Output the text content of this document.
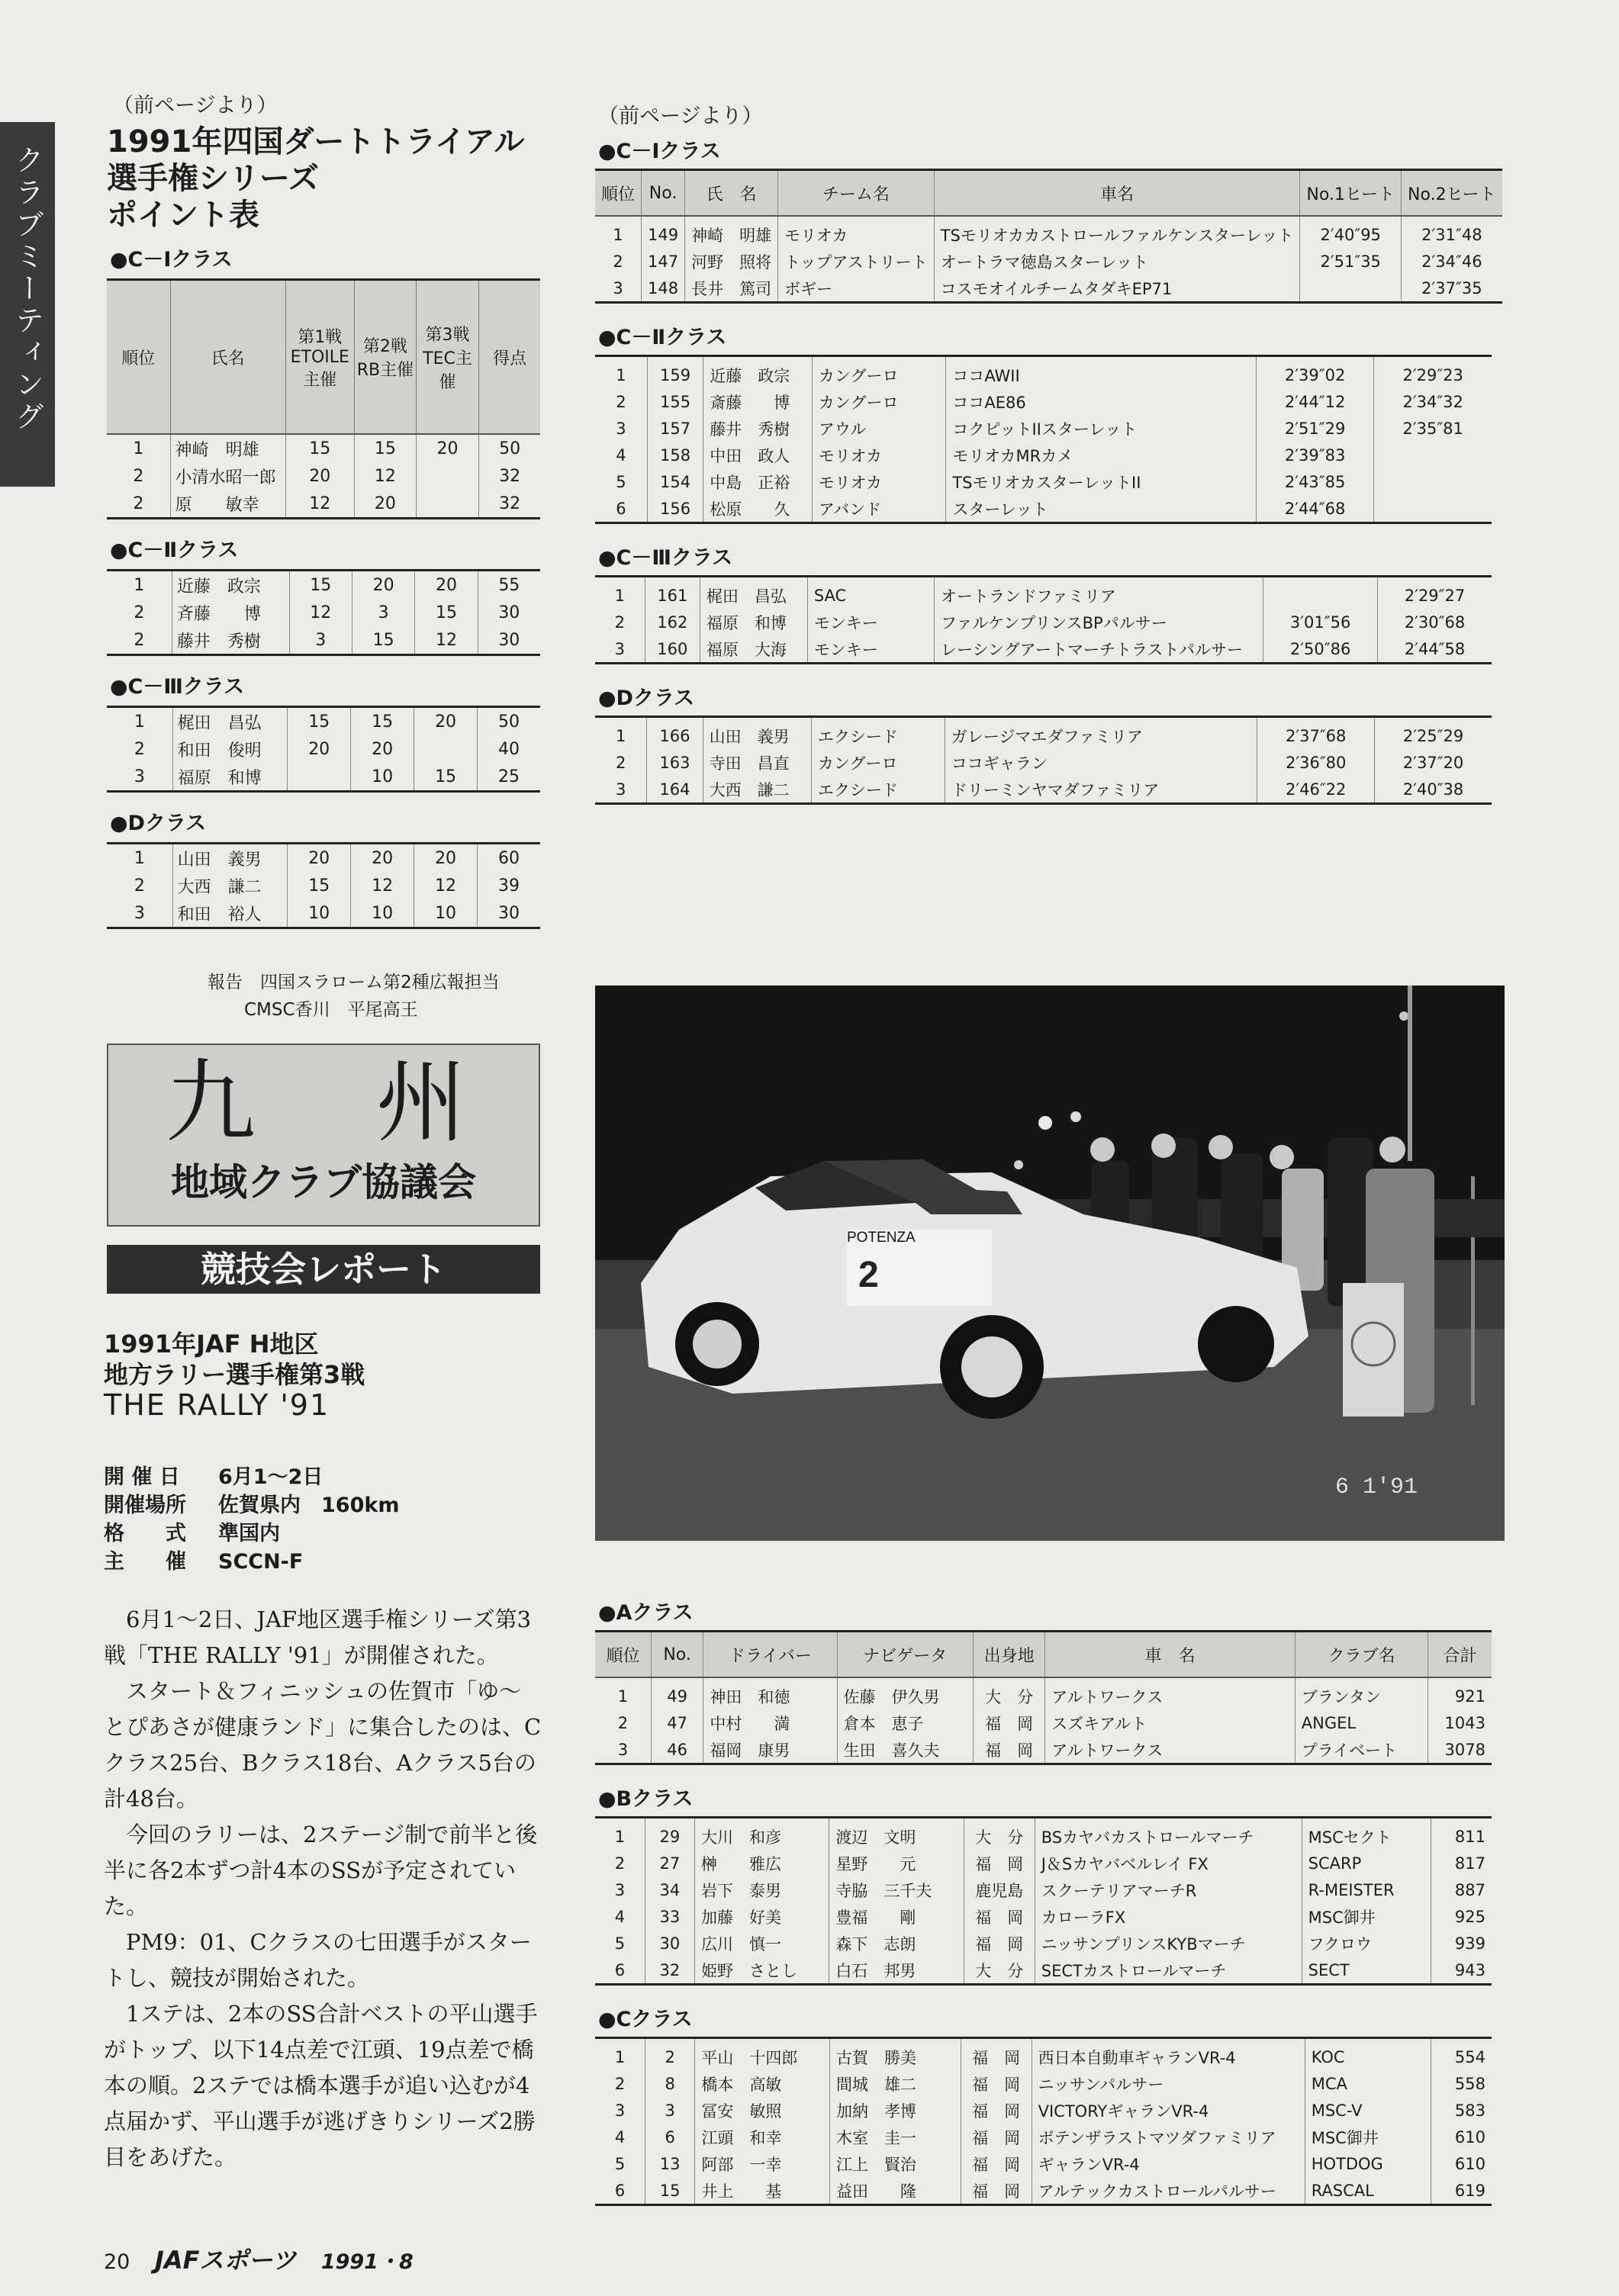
クラブミーティング
（前ページより）
1991年四国ダートトライアル
選手権シリーズ
ポイント表
●C－Ⅰクラス
順位	氏名	第1戦 ETOILE主催	第2戦 RB主催	第3戦 TEC主催	得点
1	神崎　明雄	15	15	20	50
2	小清水昭一郎	20	12		32
2	原　　敏幸	12	20		32
●C－Ⅱクラス
1	近藤　政宗	15	20	20	55
2	斉藤　　博	12	3	15	30
2	藤井　秀樹	3	15	12	30
●C－Ⅲクラス
1	梶田　昌弘	15	15	20	50
2	和田　俊明	20	20		40
3	福原　和博		10	15	25
●Dクラス
1	山田　義男	20	20	20	60
2	大西　謙二	15	12	12	39
3	和田　裕人	10	10	10	30
報告　四国スラローム第2種広報担当
CMSC香川　平尾高王
九　州
地域クラブ協議会
競技会レポート
1991年JAF H地区
地方ラリー選手権第3戦
THE RALLY '91
開 催 日 6月1～2日
開催場所 佐賀県内　160km
格　　式 準国内
主　　催 SCCN-F
6月1～2日、JAF地区選手権シリーズ第3戦「THE RALLY '91」が開催された。
スタート＆フィニッシュの佐賀市「ゆ～とぴあさが健康ランド」に集合したのは、Cクラス25台、Bクラス18台、Aクラス5台の計48台。
今回のラリーは、2ステージ制で前半と後半に各2本ずつ計4本のSSが予定されていた。
PM9：01、Cクラスの七田選手がスタートし、競技が開始された。
1ステは、2本のSS合計ベストの平山選手がトップ、以下14点差で江頭、19点差で橋本の順。2ステでは橋本選手が追い込むが4点届かず、平山選手が逃げきりシリーズ2勝目をあげた。
（前ページより）
●C－Ⅰクラス
順位	No.	氏　名	チーム名	車名	No.1ヒート	No.2ヒート
1	149	神崎　明雄	モリオカ	TSモリオカカストロールファルケンスターレット	2′40″95	2′31″48
2	147	河野　照将	トップアストリート	オートラマ徳島スターレット	2′51″35	2′34″46
3	148	長井　篤司	ボギー	コスモオイルチームタダキEP71		2′37″35
●C－Ⅱクラス
1	159	近藤　政宗	カングーロ	ココAWII	2′39″02	2′29″23
2	155	斎藤　　博	カングーロ	ココAE86	2′44″12	2′34″32
3	157	藤井　秀樹	アウル	コクピットIIスターレット	2′51″29	2′35″81
4	158	中田　政人	モリオカ	モリオカMRカメ	2′39″83	
5	154	中島　正裕	モリオカ	TSモリオカスターレットII	2′43″85	
6	156	松原　　久	アバンド	スターレット	2′44″68	
●C－Ⅲクラス
1	161	梶田　昌弘	SAC	オートランドファミリア		2′29″27
2	162	福原　和博	モンキー	ファルケンプリンスBPパルサー	3′01″56	2′30″68
3	160	福原　大海	モンキー	レーシングアートマーチトラストパルサー	2′50″86	2′44″58
●Dクラス
1	166	山田　義男	エクシード	ガレージマエダファミリア	2′37″68	2′25″29
2	163	寺田　昌直	カングーロ	ココギャラン	2′36″80	2′37″20
3	164	大西　謙二	エクシード	ドリーミンヤマダファミリア	2′46″22	2′40″38
POTENZA
2
6 1'91
●Aクラス
順位	No.	ドライバー	ナビゲータ	出身地	車　名	クラブ名	合計
1	49	神田　和徳	佐藤　伊久男	大　分	アルトワークス	ブランタン	921
2	47	中村　　満	倉本　恵子	福　岡	スズキアルト	ANGEL	1043
3	46	福岡　康男	生田　喜久夫	福　岡	アルトワークス	プライベート	3078
●Bクラス
1	29	大川　和彦	渡辺　文明	大　分	BSカヤバカストロールマーチ	MSCセクト	811
2	27	榊　　雅広	星野　　元	福　岡	J＆Sカヤバベルレイ FX	SCARP	817
3	34	岩下　泰男	寺脇　三千夫	鹿児島	スクーテリアマーチR	R-MEISTER	887
4	33	加藤　好美	豊福　　剛	福　岡	カローラFX	MSC御井	925
5	30	広川　慎一	森下　志朗	福　岡	ニッサンプリンスKYBマーチ	フクロウ	939
6	32	姫野　さとし	白石　邦男	大　分	SECTカストロールマーチ	SECT	943
●Cクラス
1	2	平山　十四郎	古賀　勝美	福　岡	西日本自動車ギャランVR-4	KOC	554
2	8	橋本　高敏	間城　雄二	福　岡	ニッサンパルサー	MCA	558
3	3	冨安　敏照	加納　孝博	福　岡	VICTORYギャランVR-4	MSC-V	583
4	6	江頭　和幸	木室　圭一	福　岡	ボテンザラストマツダファミリア	MSC御井	610
5	13	阿部　一幸	江上　賢治	福　岡	ギャランVR-4	HOTDOG	610
6	15	井上　　基	益田　　隆	福　岡	アルテックカストロールパルサー	RASCAL	619
20 JAFスポーツ 1991・8
